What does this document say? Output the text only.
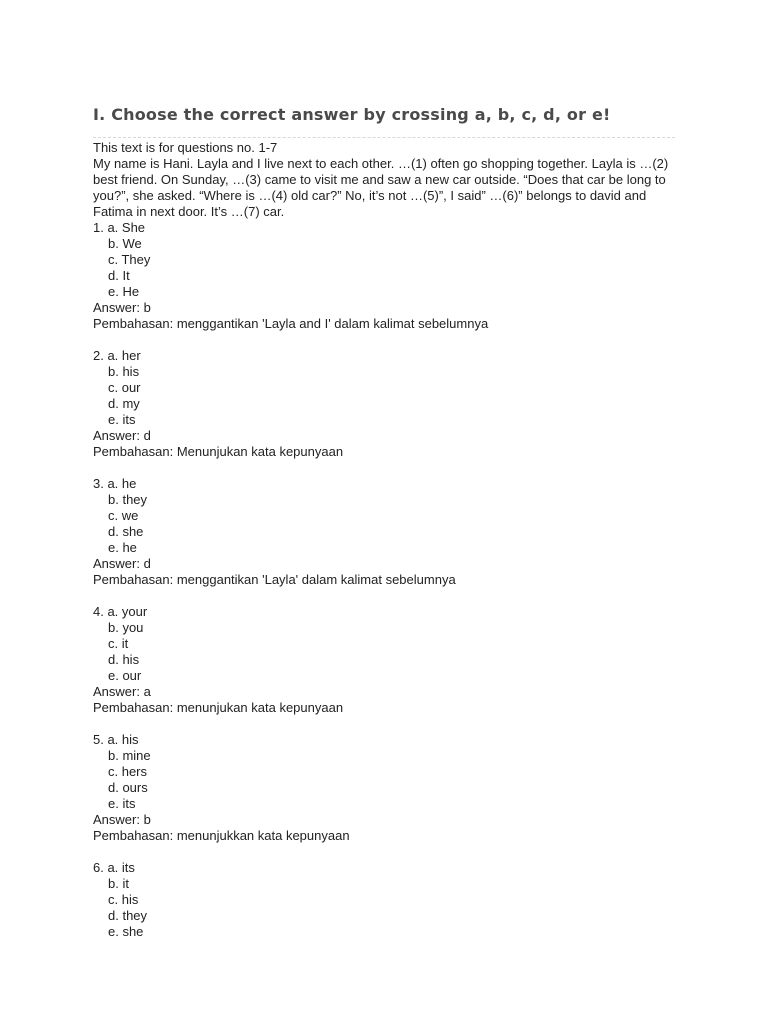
I. Choose the correct answer by crossing a, b, c, d, or e!
This text is for questions no. 1-7

My name is Hani. Layla and I live next to each other. …(1) often go shopping together. Layla is …(2) best friend. On Sunday, …(3) came to visit me and saw a new car outside. “Does that car be long to you?”, she asked. “Where is …(4) old car?” No, it’s not …(5)”, I said” …(6)” belongs to david and Fatima in next door. It’s …(7) car.

1. a. She
b. We
c. They
d. It
e. He
Answer: b
Pembahasan: menggantikan 'Layla and I' dalam kalimat sebelumnya
2. a. her
b. his
c. our
d. my
e. its
Answer: d
Pembahasan: Menunjukan kata kepunyaan
3. a. he
b. they
c. we
d. she
e. he
Answer: d
Pembahasan: menggantikan 'Layla' dalam kalimat sebelumnya
4. a. your
b. you
c. it
d. his
e. our
Answer: a
Pembahasan: menunjukan kata kepunyaan
5. a. his
b. mine
c. hers
d. ours
e. its
Answer: b
Pembahasan: menunjukkan kata kepunyaan
6. a. its
b. it
c. his
d. they
e. she
